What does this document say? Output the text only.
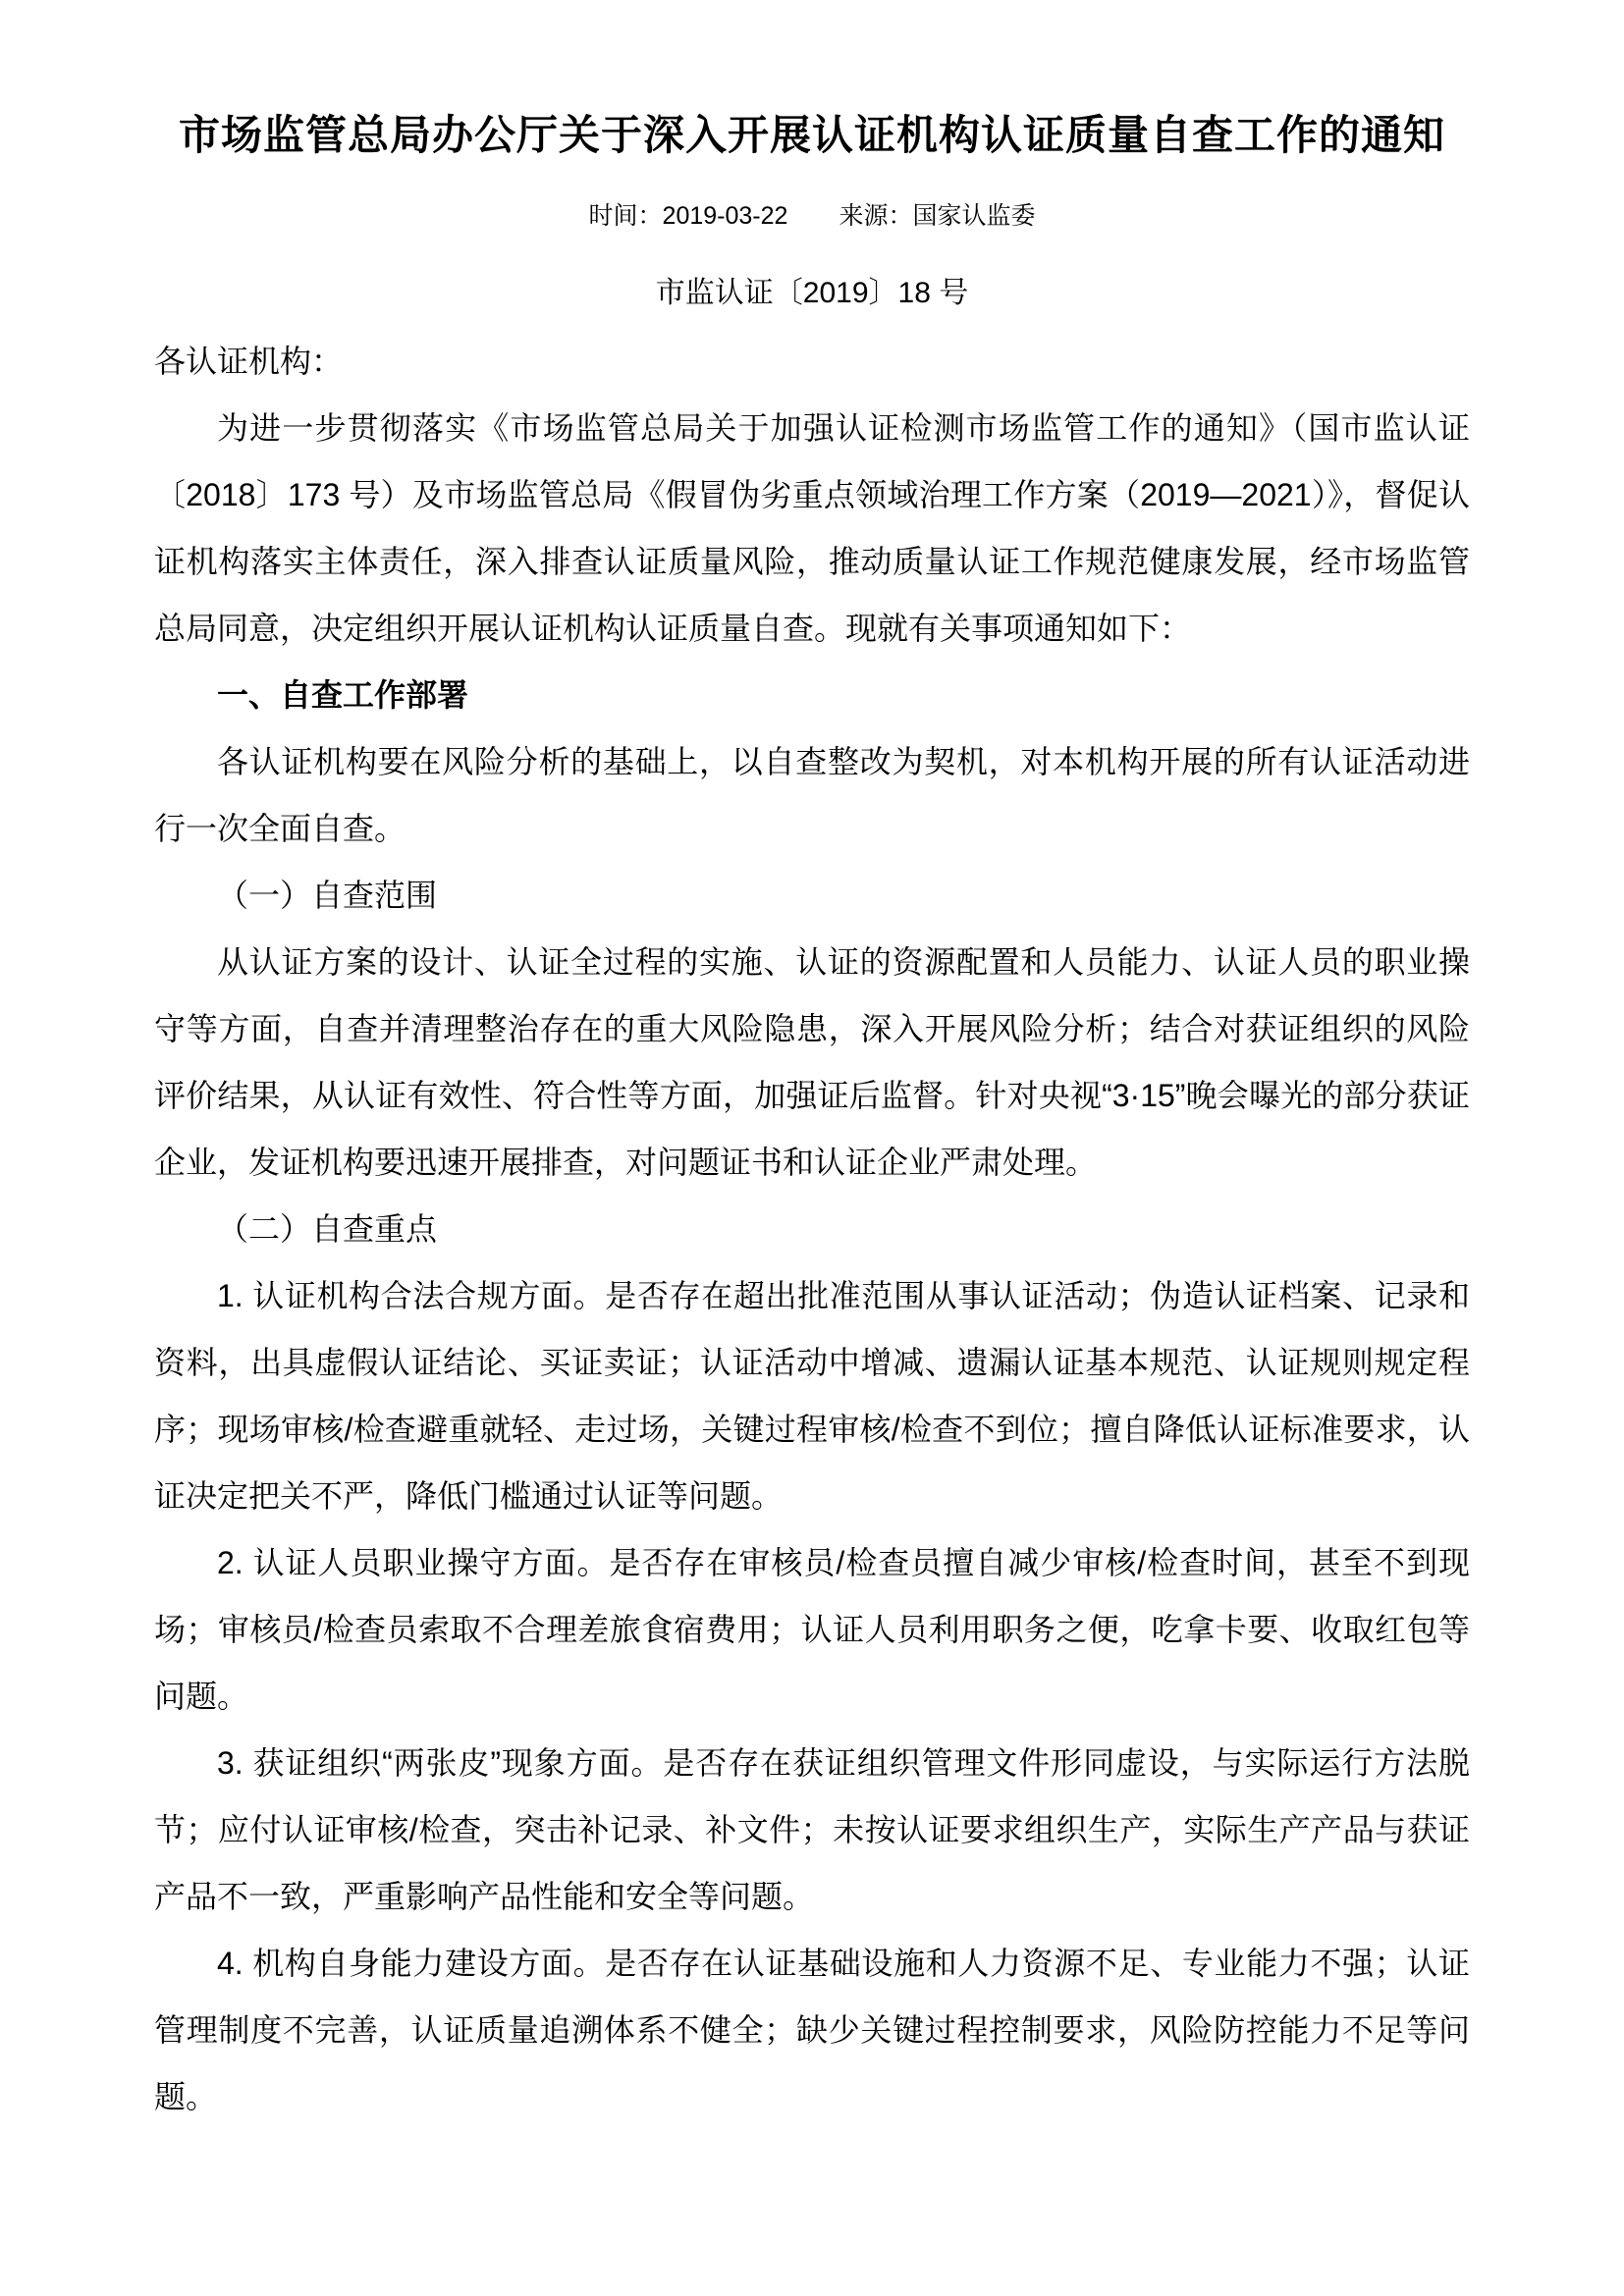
市场监管总局办公厅关于深入开展认证机构认证质量自查工作的通知
时间：2019-03-22 来源：国家认监委
市监认证〔2019〕18 号

各认证机构：

为进一步贯彻落实《市场监管总局关于加强认证检测市场监管工作的通知》（国市监认证〔2018〕173 号）及市场监管总局《假冒伪劣重点领域治理工作方案（2019—2021）》，督促认证机构落实主体责任，深入排查认证质量风险，推动质量认证工作规范健康发展，经市场监管总局同意，决定组织开展认证机构认证质量自查。现就有关事项通知如下：

一、自查工作部署

各认证机构要在风险分析的基础上，以自查整改为契机，对本机构开展的所有认证活动进行一次全面自查。

（一）自查范围

从认证方案的设计、认证全过程的实施、认证的资源配置和人员能力、认证人员的职业操守等方面，自查并清理整治存在的重大风险隐患，深入开展风险分析；结合对获证组织的风险评价结果，从认证有效性、符合性等方面，加强证后监督。针对央视“3·15”晚会曝光的部分获证企业，发证机构要迅速开展排查，对问题证书和认证企业严肃处理。

（二）自查重点

1. 认证机构合法合规方面。是否存在超出批准范围从事认证活动；伪造认证档案、记录和资料，出具虚假认证结论、买证卖证；认证活动中增减、遗漏认证基本规范、认证规则规定程序；现场审核/检查避重就轻、走过场，关键过程审核/检查不到位；擅自降低认证标准要求，认证决定把关不严，降低门槛通过认证等问题。

2. 认证人员职业操守方面。是否存在审核员/检查员擅自减少审核/检查时间，甚至不到现场；审核员/检查员索取不合理差旅食宿费用；认证人员利用职务之便，吃拿卡要、收取红包等问题。

3. 获证组织“两张皮”现象方面。是否存在获证组织管理文件形同虚设，与实际运行方法脱节；应付认证审核/检查，突击补记录、补文件；未按认证要求组织生产，实际生产产品与获证产品不一致，严重影响产品性能和安全等问题。

4. 机构自身能力建设方面。是否存在认证基础设施和人力资源不足、专业能力不强；认证管理制度不完善，认证质量追溯体系不健全；缺少关键过程控制要求，风险防控能力不足等问题。
